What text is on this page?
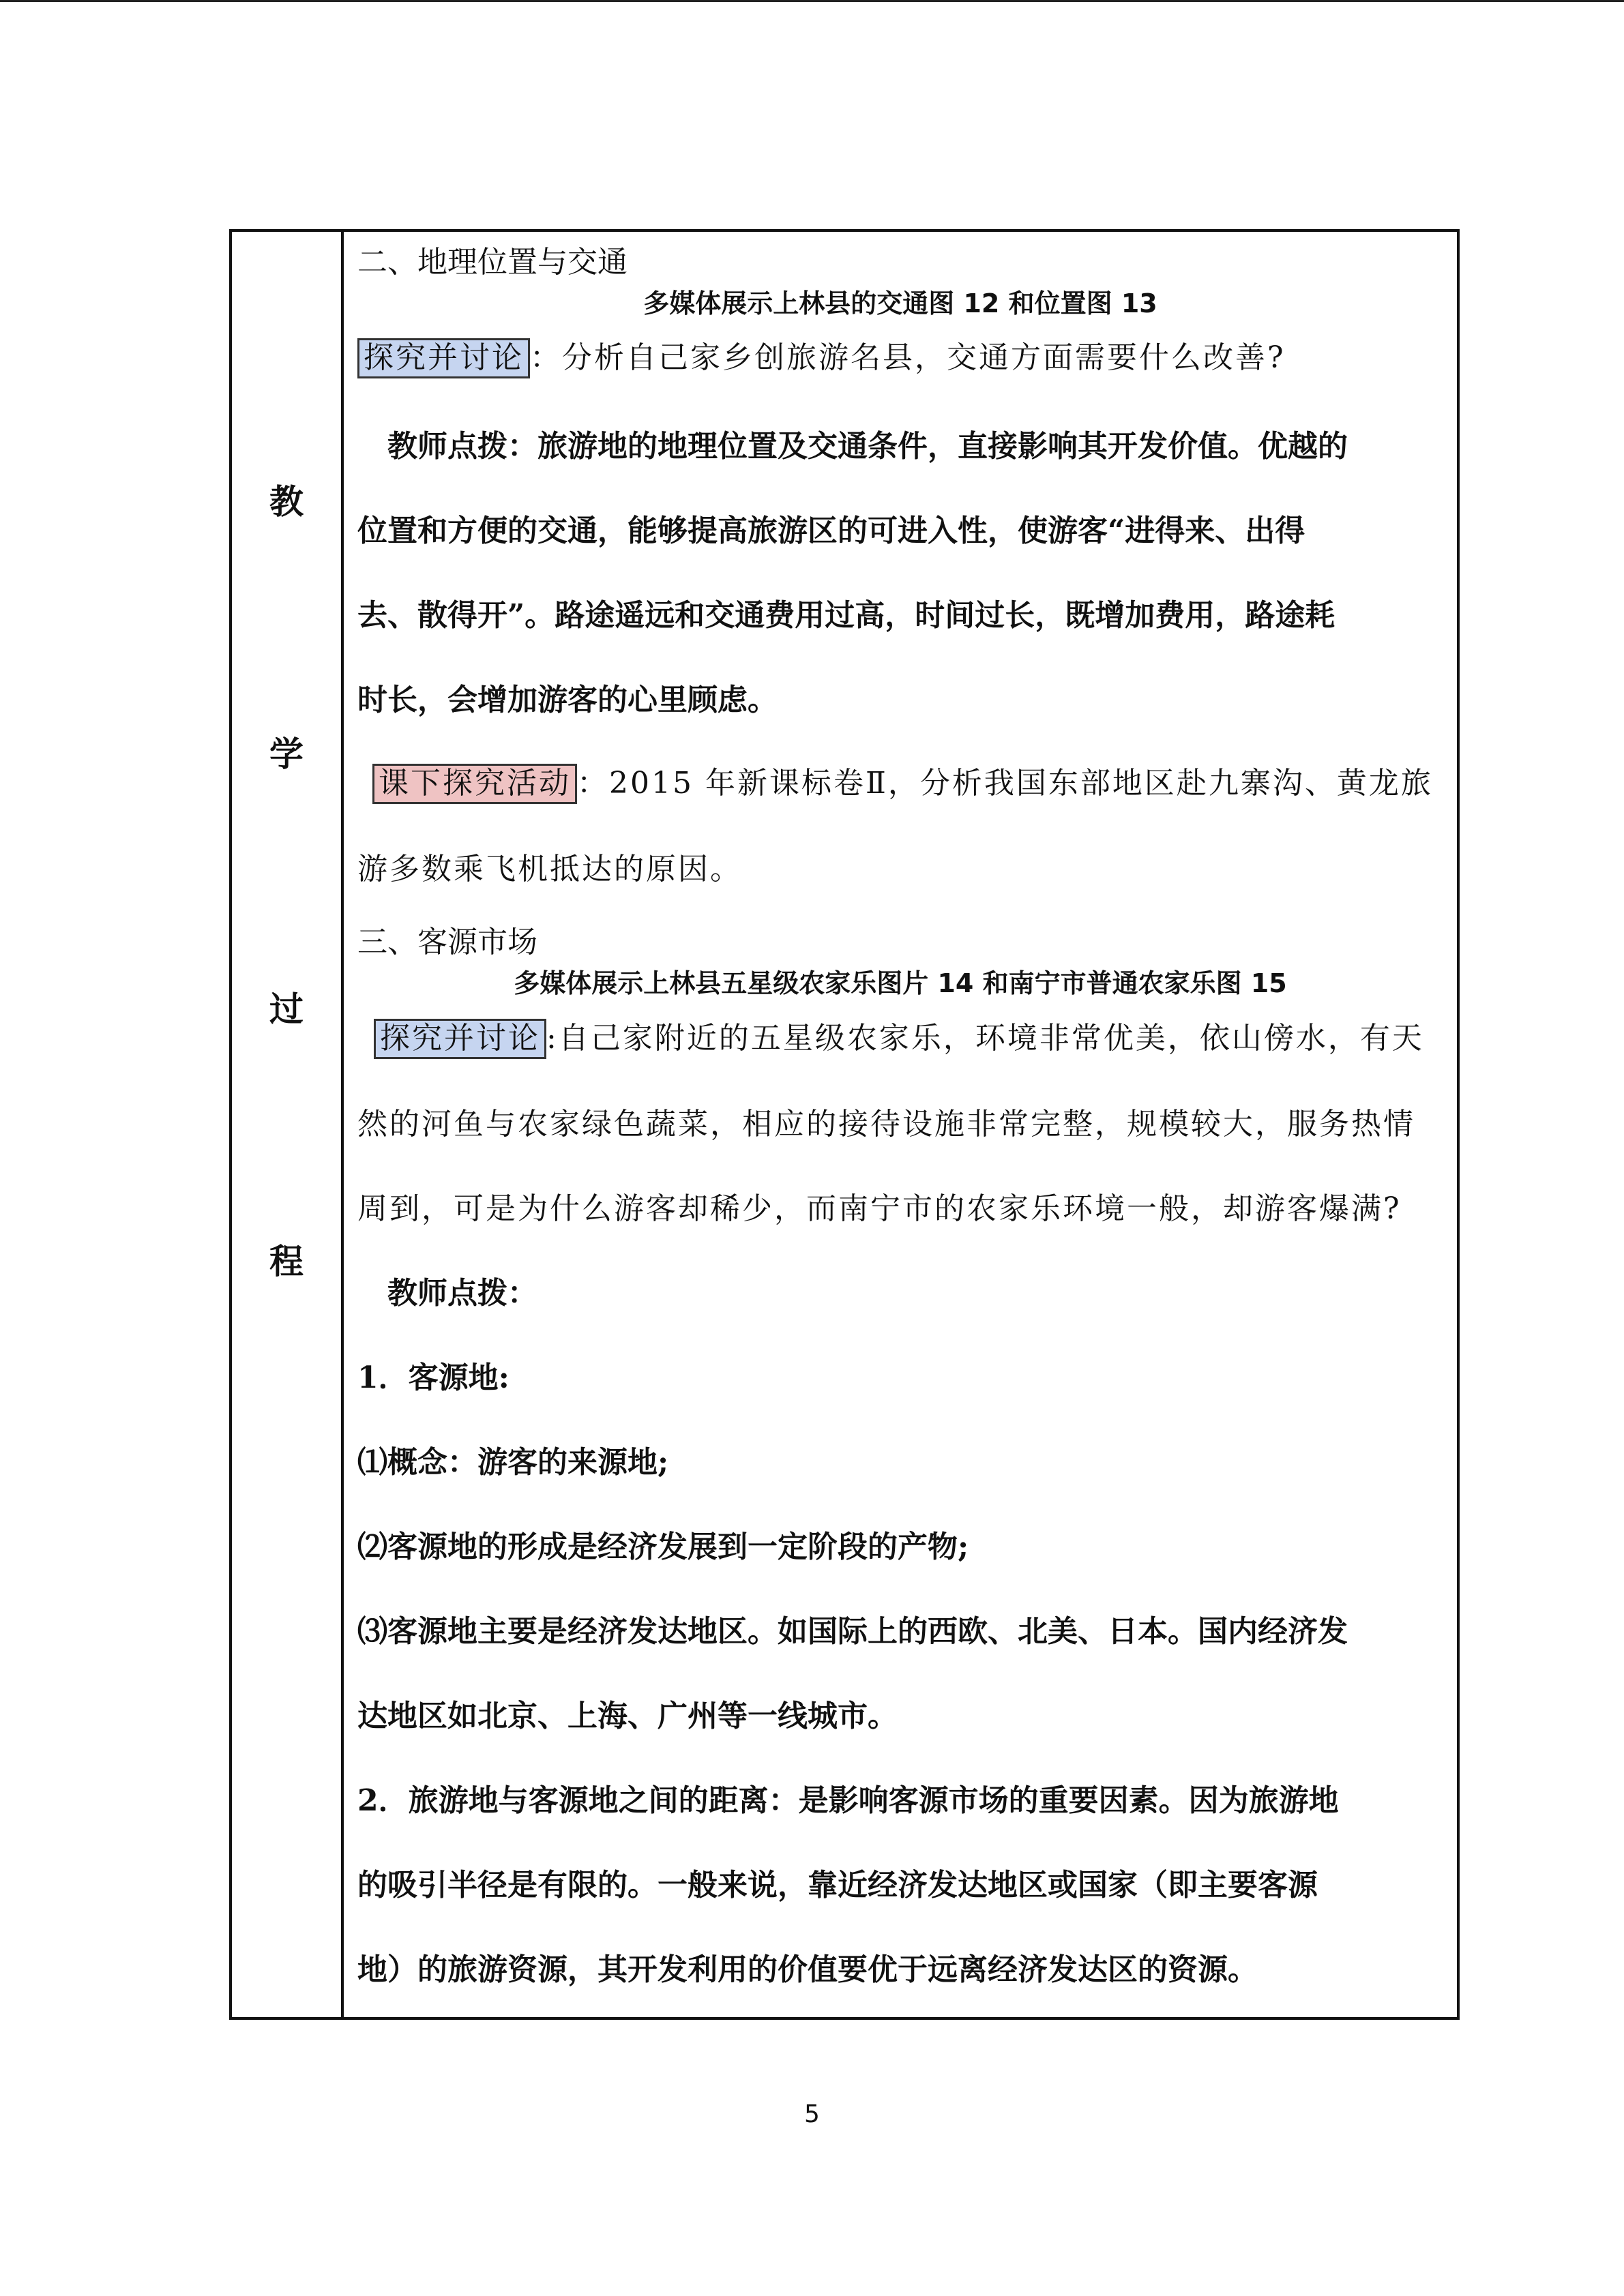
教
学
过
程
二、地理位置与交通
多媒体展示上林县的交通图 12 和位置图 13
探究并讨论 ：分析自己家乡创旅游名县，交通方面需要什么改善?
教师点拨：旅游地的地理位置及交通条件，直接影响其开发价值。优越的
位置和方便的交通，能够提高旅游区的可进入性，使游客“进得来、出得
去、散得开”。路途遥远和交通费用过高，时间过长，既增加费用，路途耗
时长，会增加游客的心里顾虑。
课下探究活动 ：2015 年新课标卷Ⅱ，分析我国东部地区赴九寨沟、黄龙旅
游多数乘飞机抵达的原因。
三、客源市场
多媒体展示上林县五星级农家乐图片 14 和南宁市普通农家乐图 15
探究并讨论 :自己家附近的五星级农家乐，环境非常优美，依山傍水，有天
然的河鱼与农家绿色蔬菜，相应的接待设施非常完整，规模较大，服务热情
周到，可是为什么游客却稀少，而南宁市的农家乐环境一般，却游客爆满?
教师点拨：
1．客源地:
⑴概念：游客的来源地;
⑵客源地的形成是经济发展到一定阶段的产物;
⑶客源地主要是经济发达地区。如国际上的西欧、北美、日本。国内经济发
达地区如北京、上海、广州等一线城市。
2．旅游地与客源地之间的距离：是影响客源市场的重要因素。因为旅游地
的吸引半径是有限的。一般来说，靠近经济发达地区或国家（即主要客源
地）的旅游资源，其开发利用的价值要优于远离经济发达区的资源。
5
